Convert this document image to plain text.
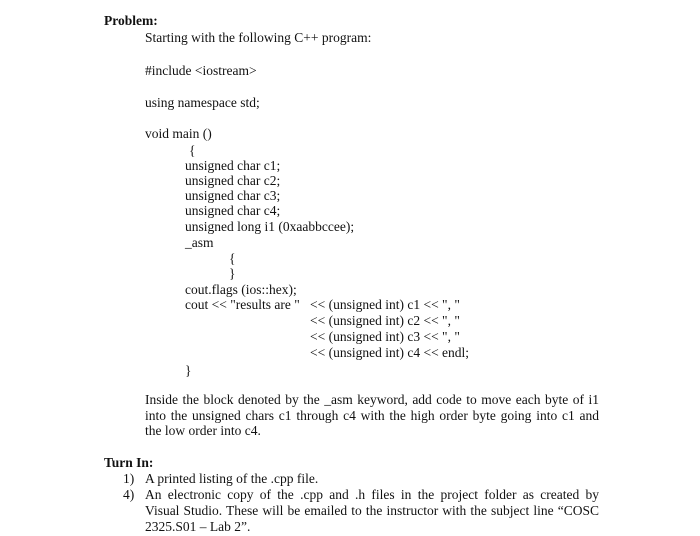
Problem:
Starting with the following C++ program:
#include <iostream>
using namespace std;
void main ()
{
unsigned char c1;
unsigned char c2;
unsigned char c3;
unsigned char c4;
unsigned long i1 (0xaabbccee);
_asm
{
}
cout.flags (ios::hex);
cout << "results are " << (unsigned int) c1 << ", "
<< (unsigned int) c2 << ", "
<< (unsigned int) c3 << ", "
<< (unsigned int) c4 << endl;
}
Inside the block denoted by the _asm keyword, add code to move each byte of i1
into the unsigned chars c1 through c4 with the high order byte going into c1 and
the low order into c4.
Turn In:
1) A printed listing of the .cpp file.
4) An electronic copy of the .cpp and .h files in the project folder as created by
Visual Studio. These will be emailed to the instructor with the subject line “COSC
2325.S01 – Lab 2”.
